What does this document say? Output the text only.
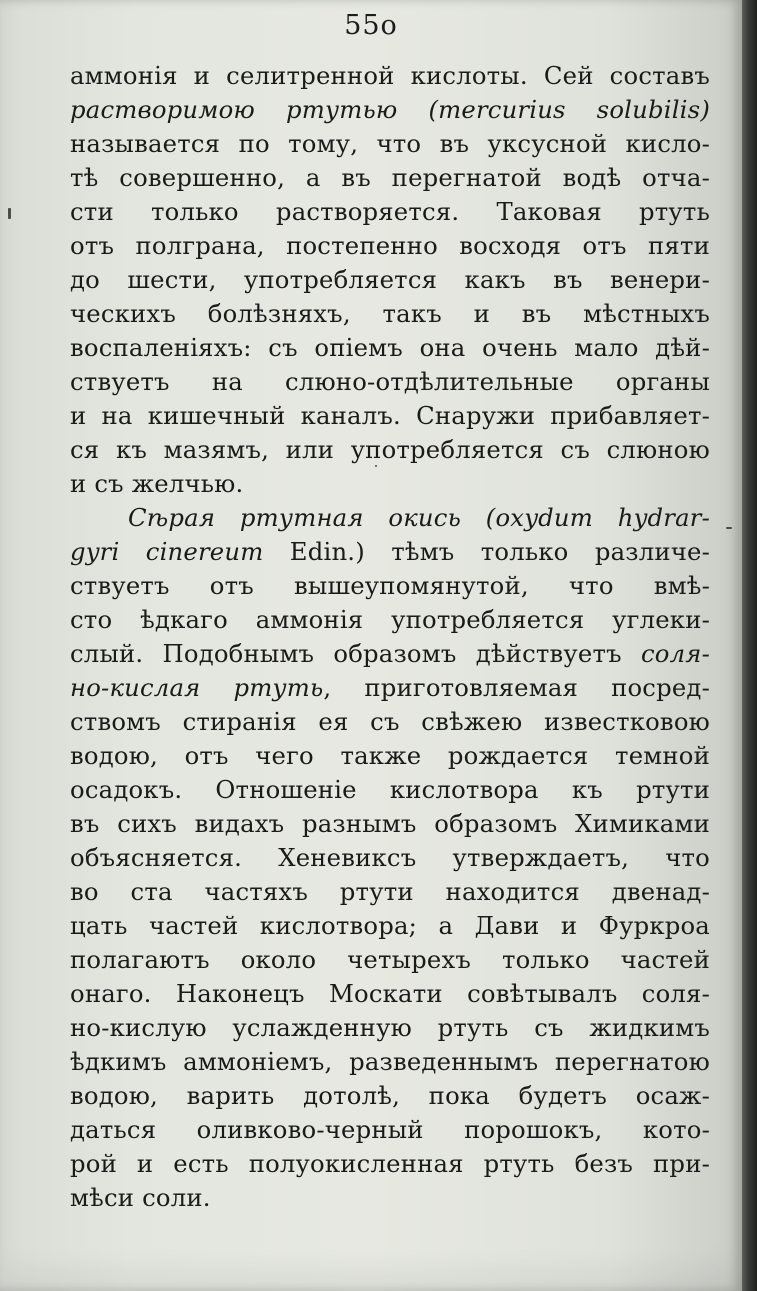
55o
аммонія и селитренной кислоты. Сей составъ
растворимою ртутью (mercurius solubilis)
называется по тому, что въ уксусной кисло-
тѣ совершенно, а въ перегнатой водѣ отча-
сти только растворяется. Таковая ртуть
отъ полграна, постепенно восходя отъ пяти
до шести, употребляется какъ въ венери-
ческихъ болѣзняхъ, такъ и въ мѣстныхъ
воспаленіяхъ: съ опіемъ она очень мало дѣй-
ствуетъ на слюно-отдѣлительные органы
и на кишечный каналъ. Снаружи прибавляет-
ся къ мазямъ, или употребляется съ слюною
и съ желчью.
Сѣрая ртутная окись (oxydum hydrar-
gyri cinereum Edin.) тѣмъ только различе-
ствуетъ отъ вышеупомянутой, что вмѣ-
сто ѣдкаго аммонія употребляется углеки-
слый. Подобнымъ образомъ дѣйствуетъ соля-
но-кислая ртуть, приготовляемая посред-
ствомъ стиранія ея съ свѣжею известковою
водою, отъ чего также рождается темной
осадокъ. Отношеніе кислотвора къ ртути
въ сихъ видахъ разнымъ образомъ Химиками
объясняется. Хеневиксъ утверждаетъ, что
во ста частяхъ ртути находится двенад-
цать частей кислотвора; а Дави и Фуркроа
полагаютъ около четырехъ только частей
онаго. Наконецъ Москати совѣтывалъ соля-
но-кислую услажденную ртуть съ жидкимъ
ѣдкимъ аммоніемъ, разведеннымъ перегнатою
водою, варить дотолѣ, пока будетъ осаж-
даться оливково-черный порошокъ, кото-
рой и есть полуокисленная ртуть безъ при-
мѣси соли.
